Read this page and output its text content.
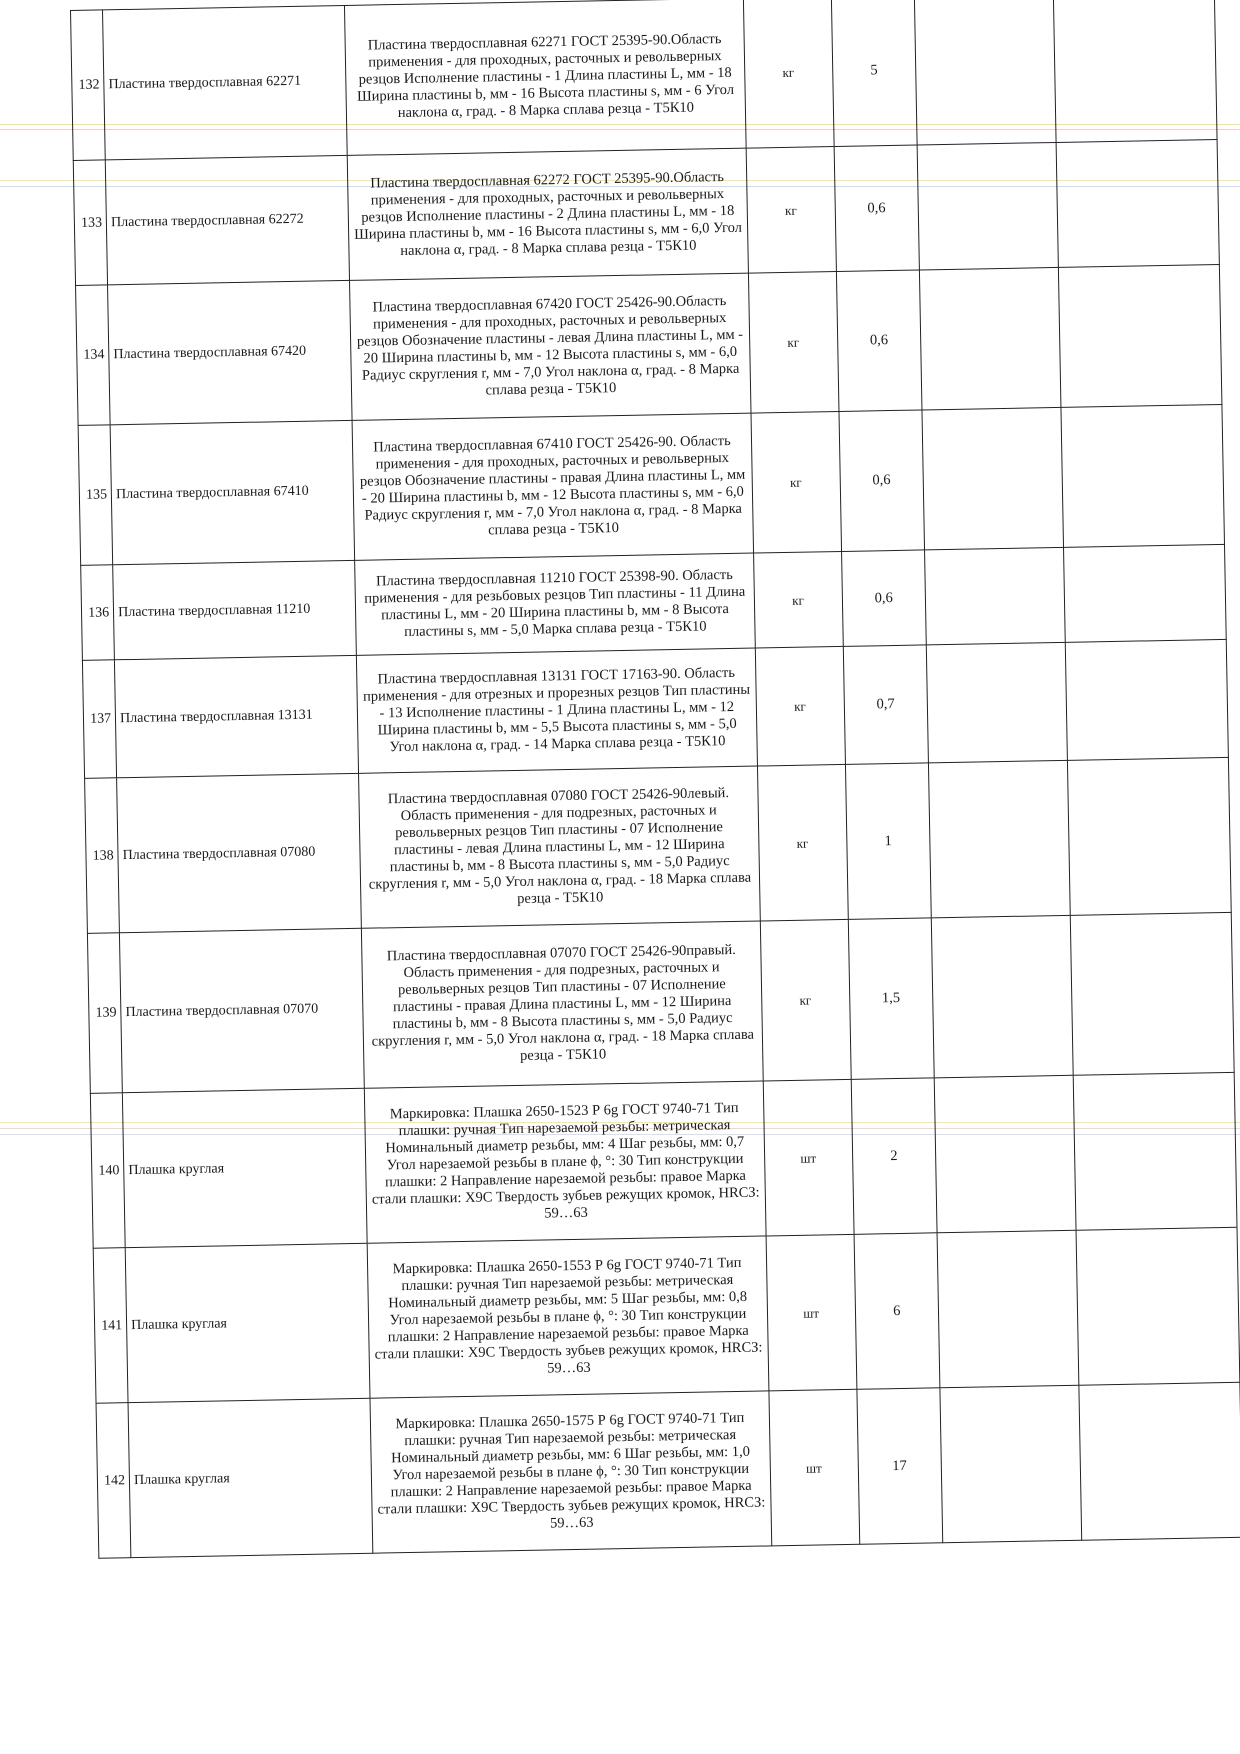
132	Пластина твердосплавная 62271	Пластина твердосплавная 62271 ГОСТ 25395-90.Область применения - для проходных, расточных и револьверных резцов Исполнение пластины - 1 Длина пластины L, мм - 18 Ширина пластины b, мм - 16 Высота пластины s, мм - 6 Угол наклона α, град. - 8 Марка сплава резца - Т5К10	кг	5		
133	Пластина твердосплавная 62272	Пластина твердосплавная 62272 ГОСТ 25395-90.Область применения - для проходных, расточных и револьверных резцов Исполнение пластины - 2 Длина пластины L, мм - 18 Ширина пластины b, мм - 16 Высота пластины s, мм - 6,0 Угол наклона α, град. - 8 Марка сплава резца - Т5К10	кг	0,6		
134	Пластина твердосплавная 67420	Пластина твердосплавная 67420 ГОСТ 25426-90.Область применения - для проходных, расточных и револьверных резцов Обозначение пластины - левая Длина пластины L, мм - 20 Ширина пластины b, мм - 12 Высота пластины s, мм - 6,0 Радиус скругления r, мм - 7,0 Угол наклона α, град. - 8 Марка сплава резца - Т5К10	кг	0,6		
135	Пластина твердосплавная 67410	Пластина твердосплавная 67410 ГОСТ 25426-90. Область применения - для проходных, расточных и револьверных резцов Обозначение пластины - правая Длина пластины L, мм - 20 Ширина пластины b, мм - 12 Высота пластины s, мм - 6,0 Радиус скругления r, мм - 7,0 Угол наклона α, град. - 8 Марка сплава резца - Т5К10	кг	0,6		
136	Пластина твердосплавная 11210	Пластина твердосплавная 11210 ГОСТ 25398-90. Область применения - для резьбовых резцов Тип пластины - 11 Длина пластины L, мм - 20 Ширина пластины b, мм - 8 Высота пластины s, мм - 5,0 Марка сплава резца - Т5К10	кг	0,6		
137	Пластина твердосплавная 13131	Пластина твердосплавная 13131 ГОСТ 17163-90. Область применения - для отрезных и прорезных резцов Тип пластины - 13 Исполнение пластины - 1 Длина пластины L, мм - 12 Ширина пластины b, мм - 5,5 Высота пластины s, мм - 5,0 Угол наклона α, град. - 14 Марка сплава резца - Т5К10	кг	0,7		
138	Пластина твердосплавная 07080	Пластина твердосплавная 07080 ГОСТ 25426-90левый. Область применения - для подрезных, расточных и револьверных резцов Тип пластины - 07 Исполнение пластины - левая Длина пластины L, мм - 12 Ширина пластины b, мм - 8 Высота пластины s, мм - 5,0 Радиус скругления r, мм - 5,0 Угол наклона α, град. - 18 Марка сплава резца - Т5К10	кг	1		
139	Пластина твердосплавная 07070	Пластина твердосплавная 07070 ГОСТ 25426-90правый. Область применения - для подрезных, расточных и револьверных резцов Тип пластины - 07 Исполнение пластины - правая Длина пластины L, мм - 12 Ширина пластины b, мм - 8 Высота пластины s, мм - 5,0 Радиус скругления r, мм - 5,0 Угол наклона α, град. - 18 Марка сплава резца - Т5К10	кг	1,5		
140	Плашка круглая	Маркировка: Плашка 2650-1523 Р 6g ГОСТ 9740-71 Тип плашки: ручная Тип нарезаемой резьбы: метрическая Номинальный диаметр резьбы, мм: 4 Шаг резьбы, мм: 0,7 Угол нарезаемой резьбы в плане ϕ, °: 30 Тип конструкции плашки: 2 Направление нарезаемой резьбы: правое Марка стали плашки: Х9С Твердость зубьев режущих кромок, HRCЗ: 59…63	шт	2		
141	Плашка круглая	Маркировка: Плашка 2650-1553 Р 6g ГОСТ 9740-71 Тип плашки: ручная Тип нарезаемой резьбы: метрическая Номинальный диаметр резьбы, мм: 5 Шаг резьбы, мм: 0,8 Угол нарезаемой резьбы в плане ϕ, °: 30 Тип конструкции плашки: 2 Направление нарезаемой резьбы: правое Марка стали плашки: Х9С Твердость зубьев режущих кромок, HRCЗ: 59…63	шт	6		
142	Плашка круглая	Маркировка: Плашка 2650-1575 Р 6g ГОСТ 9740-71 Тип плашки: ручная Тип нарезаемой резьбы: метрическая Номинальный диаметр резьбы, мм: 6 Шаг резьбы, мм: 1,0 Угол нарезаемой резьбы в плане ϕ, °: 30 Тип конструкции плашки: 2 Направление нарезаемой резьбы: правое Марка стали плашки: Х9С Твердость зубьев режущих кромок, HRCЗ: 59…63	шт	17		
